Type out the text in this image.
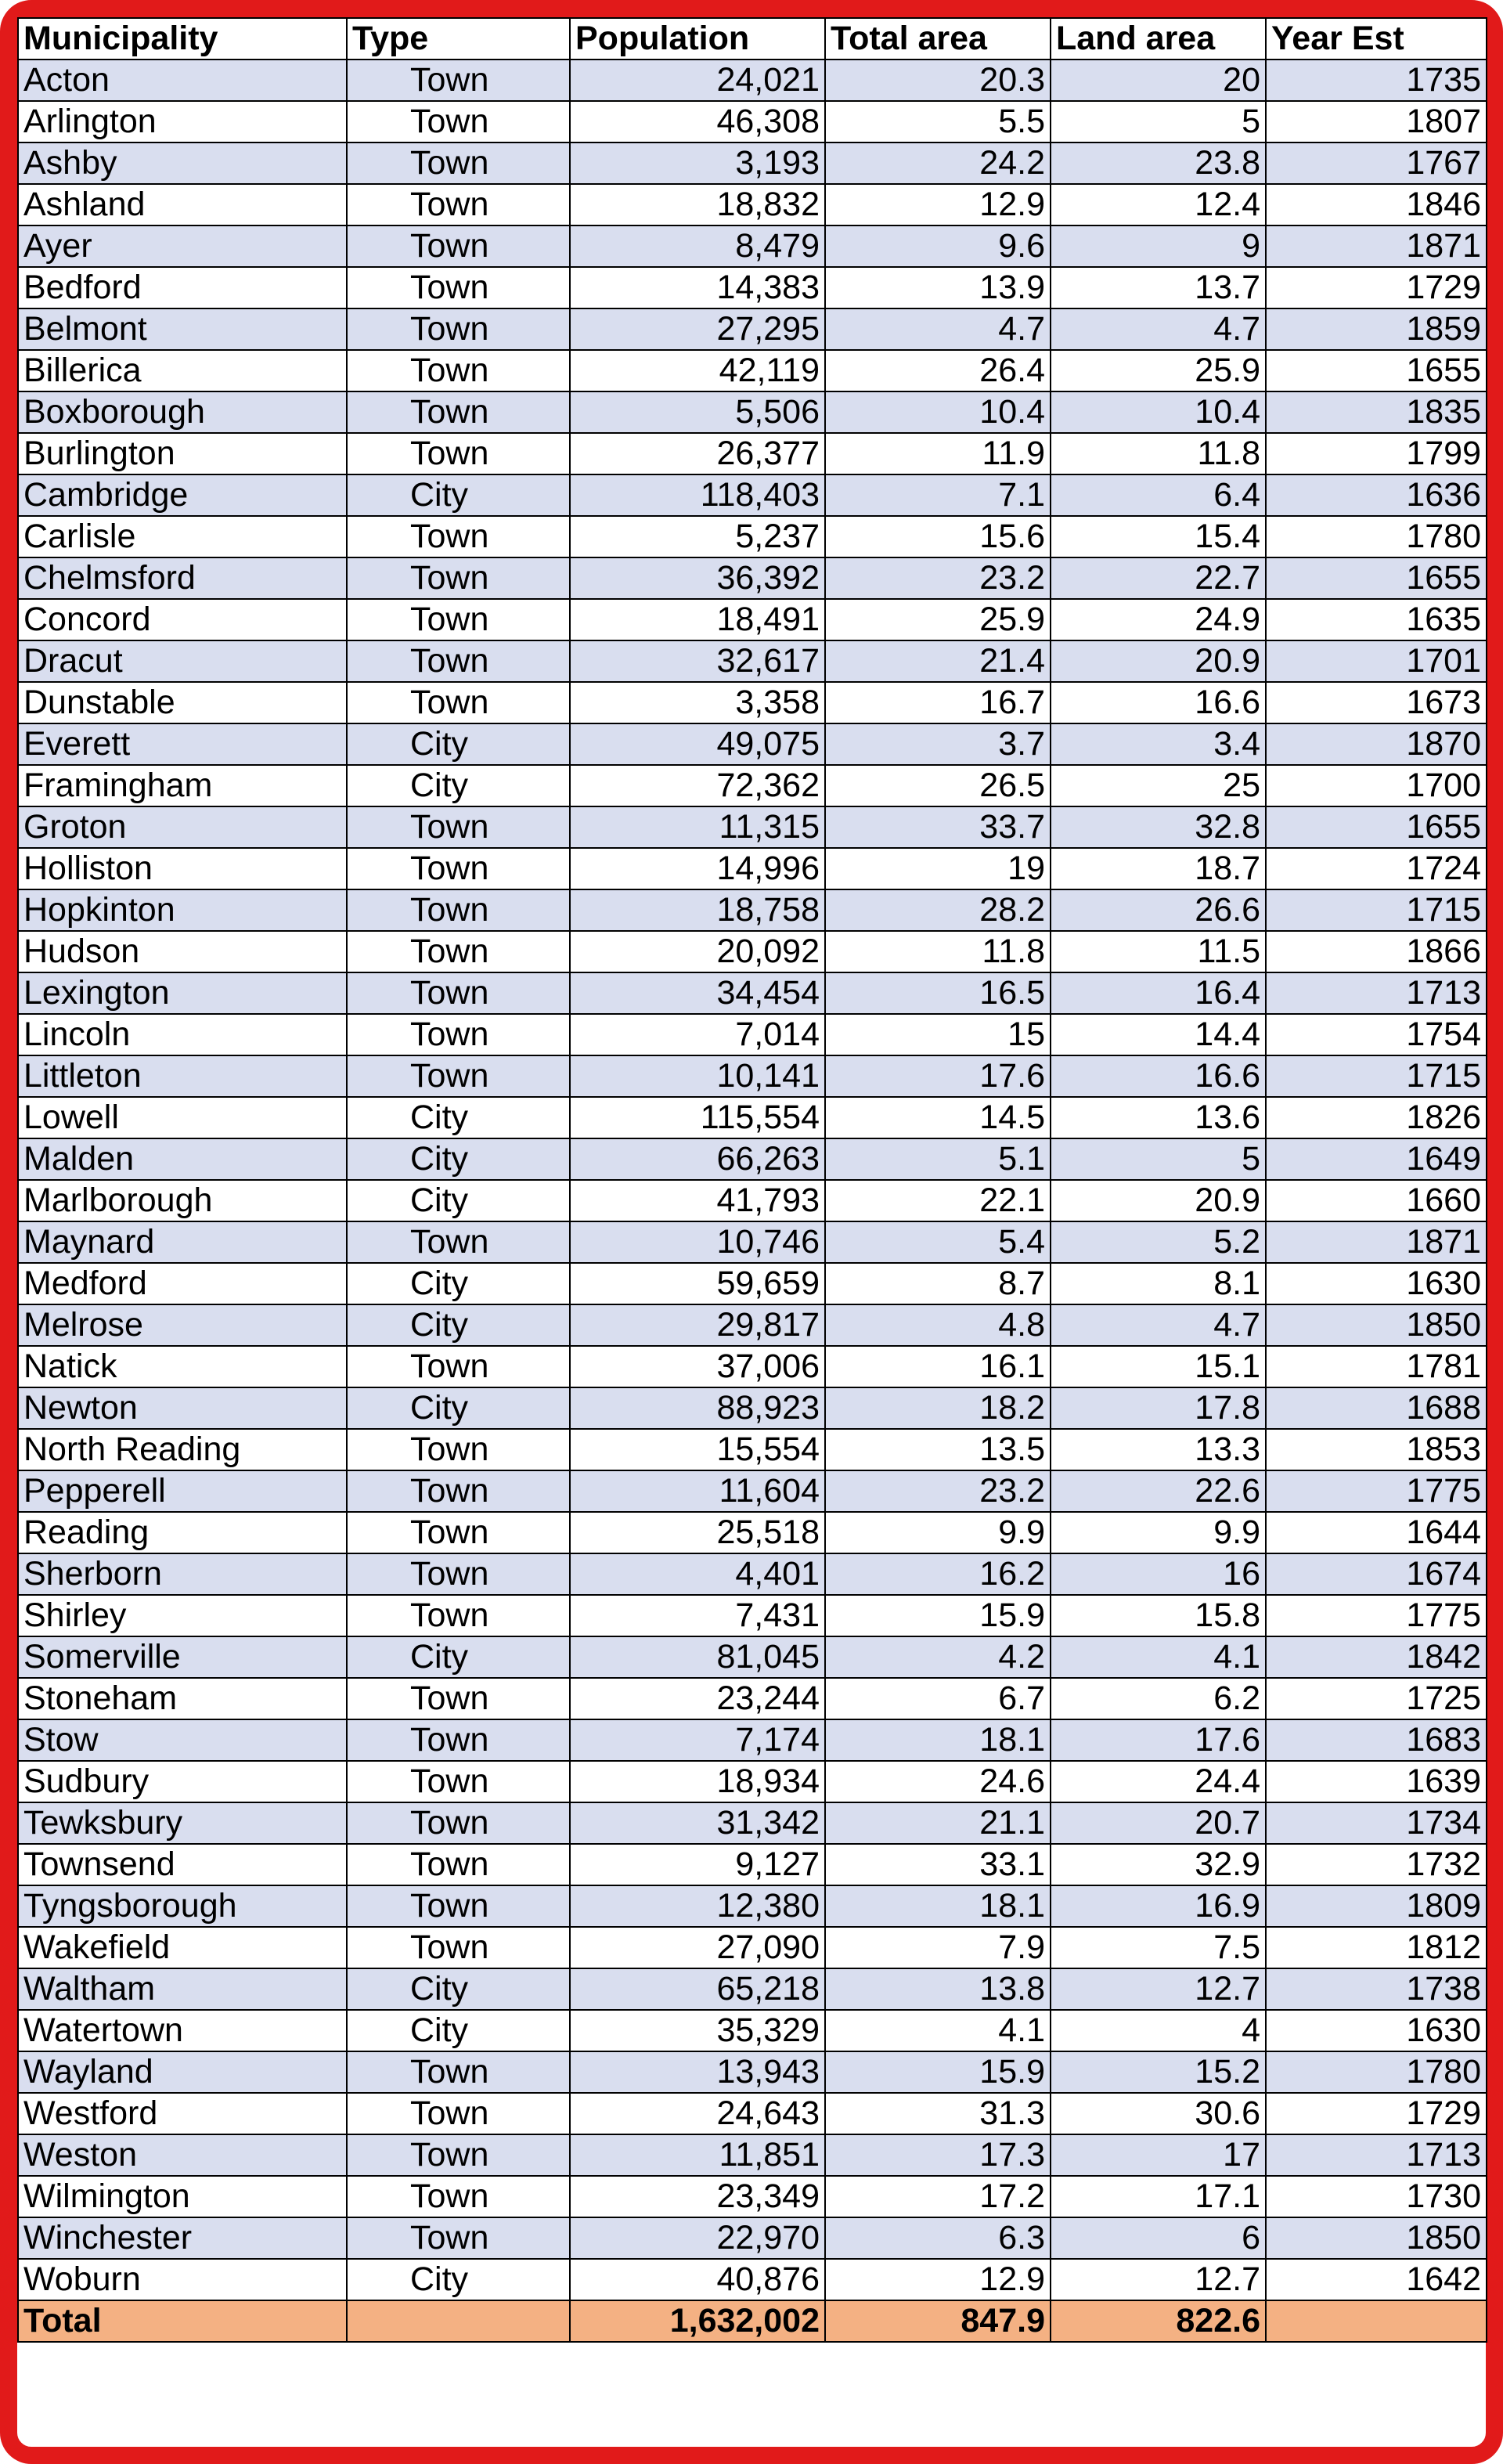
Municipality	Type	Population	Total area	Land area	Year Est
Acton	Town	24,021	20.3	20	1735
Arlington	Town	46,308	5.5	5	1807
Ashby	Town	3,193	24.2	23.8	1767
Ashland	Town	18,832	12.9	12.4	1846
Ayer	Town	8,479	9.6	9	1871
Bedford	Town	14,383	13.9	13.7	1729
Belmont	Town	27,295	4.7	4.7	1859
Billerica	Town	42,119	26.4	25.9	1655
Boxborough	Town	5,506	10.4	10.4	1835
Burlington	Town	26,377	11.9	11.8	1799
Cambridge	City	118,403	7.1	6.4	1636
Carlisle	Town	5,237	15.6	15.4	1780
Chelmsford	Town	36,392	23.2	22.7	1655
Concord	Town	18,491	25.9	24.9	1635
Dracut	Town	32,617	21.4	20.9	1701
Dunstable	Town	3,358	16.7	16.6	1673
Everett	City	49,075	3.7	3.4	1870
Framingham	City	72,362	26.5	25	1700
Groton	Town	11,315	33.7	32.8	1655
Holliston	Town	14,996	19	18.7	1724
Hopkinton	Town	18,758	28.2	26.6	1715
Hudson	Town	20,092	11.8	11.5	1866
Lexington	Town	34,454	16.5	16.4	1713
Lincoln	Town	7,014	15	14.4	1754
Littleton	Town	10,141	17.6	16.6	1715
Lowell	City	115,554	14.5	13.6	1826
Malden	City	66,263	5.1	5	1649
Marlborough	City	41,793	22.1	20.9	1660
Maynard	Town	10,746	5.4	5.2	1871
Medford	City	59,659	8.7	8.1	1630
Melrose	City	29,817	4.8	4.7	1850
Natick	Town	37,006	16.1	15.1	1781
Newton	City	88,923	18.2	17.8	1688
North Reading	Town	15,554	13.5	13.3	1853
Pepperell	Town	11,604	23.2	22.6	1775
Reading	Town	25,518	9.9	9.9	1644
Sherborn	Town	4,401	16.2	16	1674
Shirley	Town	7,431	15.9	15.8	1775
Somerville	City	81,045	4.2	4.1	1842
Stoneham	Town	23,244	6.7	6.2	1725
Stow	Town	7,174	18.1	17.6	1683
Sudbury	Town	18,934	24.6	24.4	1639
Tewksbury	Town	31,342	21.1	20.7	1734
Townsend	Town	9,127	33.1	32.9	1732
Tyngsborough	Town	12,380	18.1	16.9	1809
Wakefield	Town	27,090	7.9	7.5	1812
Waltham	City	65,218	13.8	12.7	1738
Watertown	City	35,329	4.1	4	1630
Wayland	Town	13,943	15.9	15.2	1780
Westford	Town	24,643	31.3	30.6	1729
Weston	Town	11,851	17.3	17	1713
Wilmington	Town	23,349	17.2	17.1	1730
Winchester	Town	22,970	6.3	6	1850
Woburn	City	40,876	12.9	12.7	1642
Total		1,632,002	847.9	822.6	
